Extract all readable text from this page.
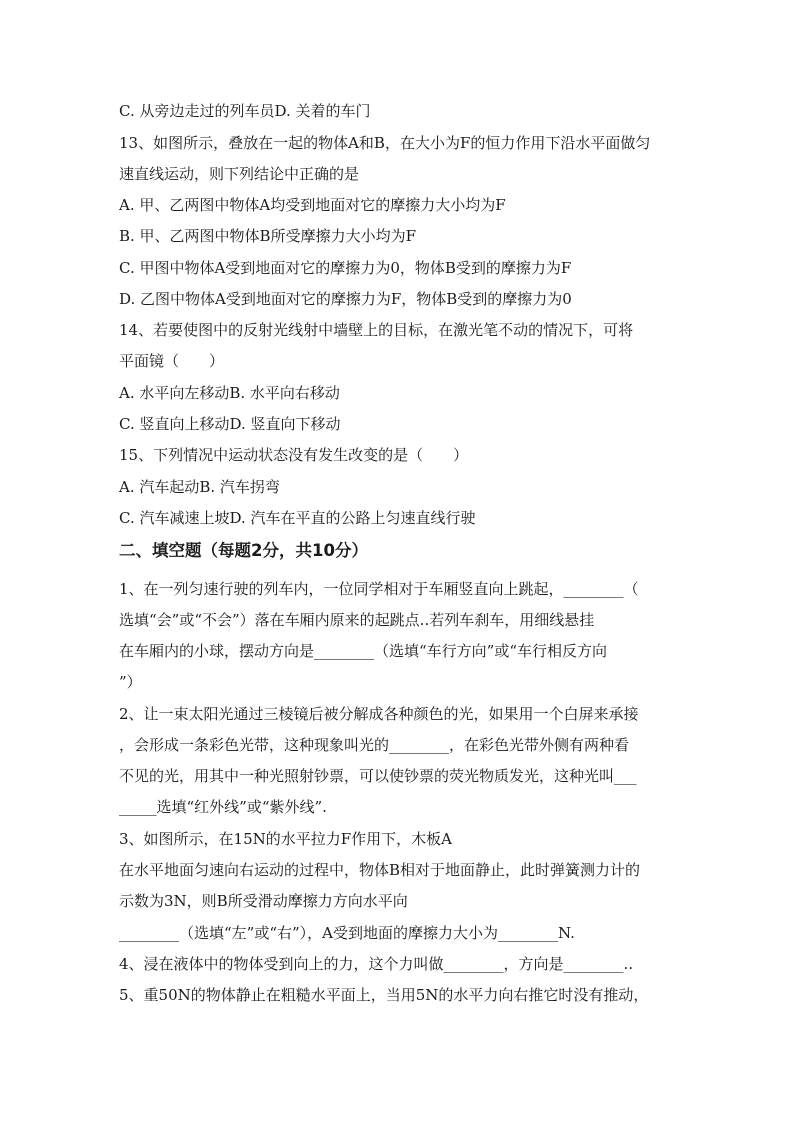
C. 从旁边走过的列车员D. 关着的车门
13、如图所示，叠放在一起的物体A和B，在大小为F的恒力作用下沿水平面做匀
速直线运动，则下列结论中正确的是
A. 甲、乙两图中物体A均受到地面对它的摩擦力大小均为F
B. 甲、乙两图中物体B所受摩擦力大小均为F
C. 甲图中物体A受到地面对它的摩擦力为0，物体B受到的摩擦力为F
D. 乙图中物体A受到地面对它的摩擦力为F，物体B受到的摩擦力为0
14、若要使图中的反射光线射中墙壁上的目标，在激光笔不动的情况下，可将
平面镜（　　）
A. 水平向左移动B. 水平向右移动
C. 竖直向上移动D. 竖直向下移动
15、下列情况中运动状态没有发生改变的是（　　）
A. 汽车起动B. 汽车拐弯
C. 汽车减速上坡D. 汽车在平直的公路上匀速直线行驶
二、填空题（每题2分，共10分）
1、在一列匀速行驶的列车内，一位同学相对于车厢竖直向上跳起，________（
选填“会”或“不会”）落在车厢内原来的起跳点..若列车刹车，用细线悬挂
在车厢内的小球，摆动方向是________（选填“车行方向”或“车行相反方向
”）
2、让一束太阳光通过三棱镜后被分解成各种颜色的光，如果用一个白屏来承接
，会形成一条彩色光带，这种现象叫光的________，在彩色光带外侧有两种看
不见的光，用其中一种光照射钞票，可以使钞票的荧光物质发光，这种光叫___
_____选填“红外线”或“紫外线”.
3、如图所示，在15N的水平拉力F作用下，木板A
在水平地面匀速向右运动的过程中，物体B相对于地面静止，此时弹簧测力计的
示数为3N，则B所受滑动摩擦力方向水平向
________（选填“左”或“右”），A受到地面的摩擦力大小为________N.
4、浸在液体中的物体受到向上的力，这个力叫做________，方向是________..
5、重50N的物体静止在粗糙水平面上，当用5N的水平力向右推它时没有推动，
